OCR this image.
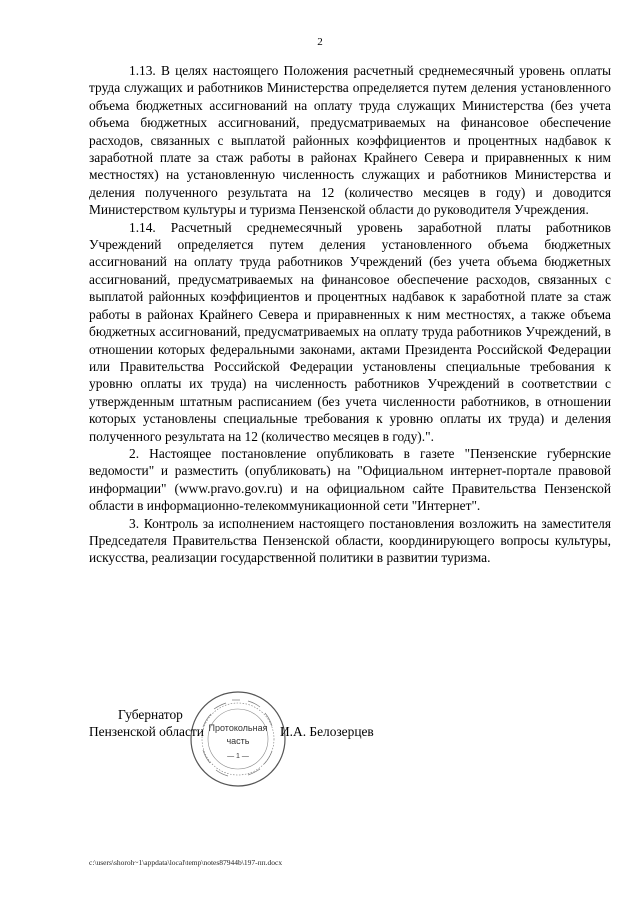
2

1.13. В целях настоящего Положения расчетный среднемесячный уровень оплаты труда служащих и работников Министерства определяется путем деления установленного объема бюджетных ассигнований на оплату труда служащих Министерства (без учета объема бюджетных ассигнований, предусматриваемых на финансовое обеспечение расходов, связанных с выплатой районных коэффициентов и процентных надбавок к заработной плате за стаж работы в районах Крайнего Севера и приравненных к ним местностях) на установленную численность служащих и работников Министерства и деления полученного результата на 12 (количество месяцев в году) и доводится Министерством культуры и туризма Пензенской области до руководителя Учреждения.

1.14. Расчетный среднемесячный уровень заработной платы работников Учреждений определяется путем деления установленного объема бюджетных ассигнований на оплату труда работников Учреждений (без учета объема бюджетных ассигнований, предусматриваемых на финансовое обеспечение расходов, связанных с выплатой районных коэффициентов и процентных надбавок к заработной плате за стаж работы в районах Крайнего Севера и приравненных к ним местностях, а также объема бюджетных ассигнований, предусматриваемых на оплату труда работников Учреждений, в отношении которых федеральными законами, актами Президента Российской Федерации или Правительства Российской Федерации установлены специальные требования к уровню оплаты их труда) на численность работников Учреждений в соответствии с утвержденным штатным расписанием (без учета численности работников, в отношении которых установлены специальные требования к уровню оплаты их труда) и деления полученного результата на 12 (количество месяцев в году).".

2. Настоящее постановление опубликовать в газете "Пензенские губернские ведомости" и разместить (опубликовать) на "Официальном интернет-портале правовой информации" (www.pravo.gov.ru) и на официальном сайте Правительства Пензенской области в информационно-телекоммуникационной сети "Интернет".

3. Контроль за исполнением настоящего постановления возложить на заместителя Председателя Правительства Пензенской области, координирующего вопросы культуры, искусства, реализации государственной политики в развитии туризма.

Протокольная
часть
— 1 —
Губернатор
Пензенской области	И.А. Белозерцев
c:\users\shoroh~1\appdata\local\temp\notes87944b\197-пп.docx
